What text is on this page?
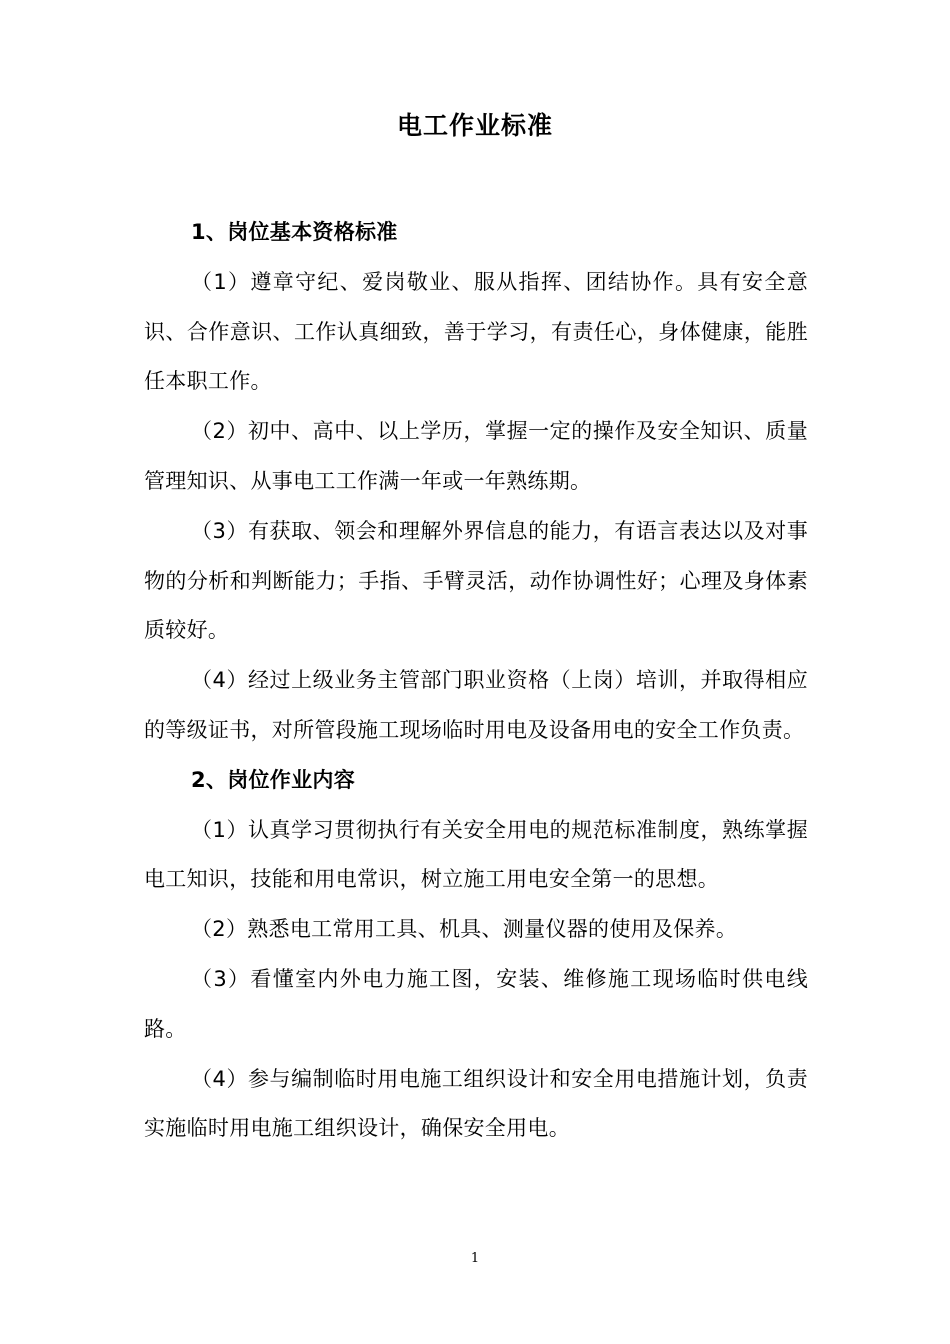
电工作业标准

1、岗位基本资格标准

（1）遵章守纪、爱岗敬业、服从指挥、团结协作。具有安全意识、合作意识、工作认真细致，善于学习，有责任心，身体健康，能胜任本职工作。

（2）初中、高中、以上学历，掌握一定的操作及安全知识、质量管理知识、从事电工工作满一年或一年熟练期。

（3）有获取、领会和理解外界信息的能力，有语言表达以及对事物的分析和判断能力；手指、手臂灵活，动作协调性好；心理及身体素质较好。

（4）经过上级业务主管部门职业资格（上岗）培训，并取得相应的等级证书，对所管段施工现场临时用电及设备用电的安全工作负责。

2、岗位作业内容

（1）认真学习贯彻执行有关安全用电的规范标准制度，熟练掌握电工知识，技能和用电常识，树立施工用电安全第一的思想。

（2）熟悉电工常用工具、机具、测量仪器的使用及保养。

（3）看懂室内外电力施工图，安装、维修施工现场临时供电线路。

（4）参与编制临时用电施工组织设计和安全用电措施计划，负责实施临时用电施工组织设计，确保安全用电。

1
